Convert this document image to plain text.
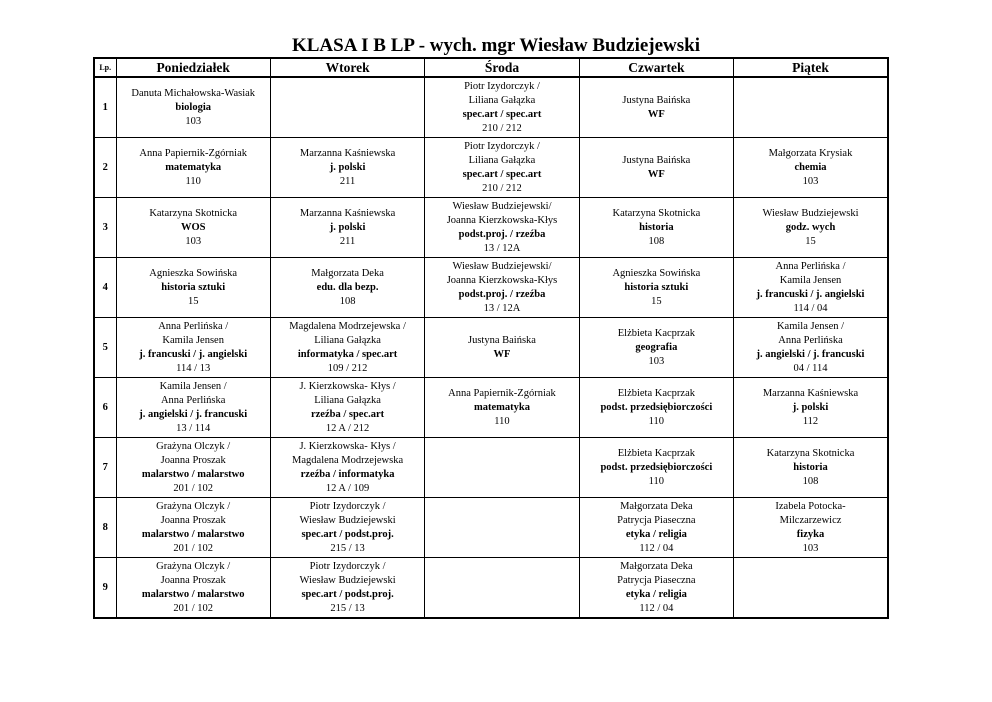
KLASA I B LP - wych. mgr Wiesław Budziejewski
Lp.	Poniedziałek	Wtorek	Środa	Czwartek	Piątek
1	Danuta Michałowska-Wasiak
biologia
103		Piotr Izydorczyk /
Liliana Gałązka
spec.art / spec.art
210 / 212	Justyna Baińska
WF	

2	Anna Papiernik-Zgórniak
matematyka
110	Marzanna Kaśniewska
j. polski
211	Piotr Izydorczyk /
Liliana Gałązka
spec.art / spec.art
210 / 212	Justyna Baińska
WF	Małgorzata Krysiak
chemia
103

3	Katarzyna Skotnicka
WOS
103	Marzanna Kaśniewska
j. polski
211	Wiesław Budziejewski/
Joanna Kierzkowska-Kłys
podst.proj. / rzeźba
13 / 12A	Katarzyna Skotnicka
historia
108	Wiesław Budziejewski
godz. wych
15

4	Agnieszka Sowińska
historia sztuki
15	Małgorzata Deka
edu. dla bezp.
108	Wiesław Budziejewski/
Joanna Kierzkowska-Kłys
podst.proj. / rzeźba
13 / 12A	Agnieszka Sowińska
historia sztuki
15	Anna Perlińska /
Kamila Jensen
j. francuski / j. angielski
114 / 04

5	Anna Perlińska /
Kamila Jensen
j. francuski / j. angielski
114 / 13	Magdalena Modrzejewska /
Liliana Gałązka
informatyka / spec.art
109 / 212	Justyna Baińska
WF	Elżbieta Kacprzak
geografia
103	Kamila Jensen /
Anna Perlińska
j. angielski / j. francuski
04 / 114

6	Kamila Jensen /
Anna Perlińska
j. angielski / j. francuski
13 / 114	J. Kierzkowska- Kłys /
Liliana Gałązka
rzeźba / spec.art
12 A / 212	Anna Papiernik-Zgórniak
matematyka
110	Elżbieta Kacprzak
podst. przedsiębiorczości
110	Marzanna Kaśniewska
j. polski
112

7	Grażyna Olczyk /
Joanna Proszak
malarstwo / malarstwo
201 / 102	J. Kierzkowska- Kłys /
Magdalena Modrzejewska
rzeźba / informatyka
12 A / 109		Elżbieta Kacprzak
podst. przedsiębiorczości
110	Katarzyna Skotnicka
historia
108

8	Grażyna Olczyk /
Joanna Proszak
malarstwo / malarstwo
201 / 102	Piotr Izydorczyk /
Wiesław Budziejewski
spec.art / podst.proj.
215 / 13		Małgorzata Deka
Patrycja Piaseczna
etyka / religia
112 / 04	Izabela Potocka-
Milczarzewicz
fizyka
103

9	Grażyna Olczyk /
Joanna Proszak
malarstwo / malarstwo
201 / 102	Piotr Izydorczyk /
Wiesław Budziejewski
spec.art / podst.proj.
215 / 13		Małgorzata Deka
Patrycja Piaseczna
etyka / religia
112 / 04	
